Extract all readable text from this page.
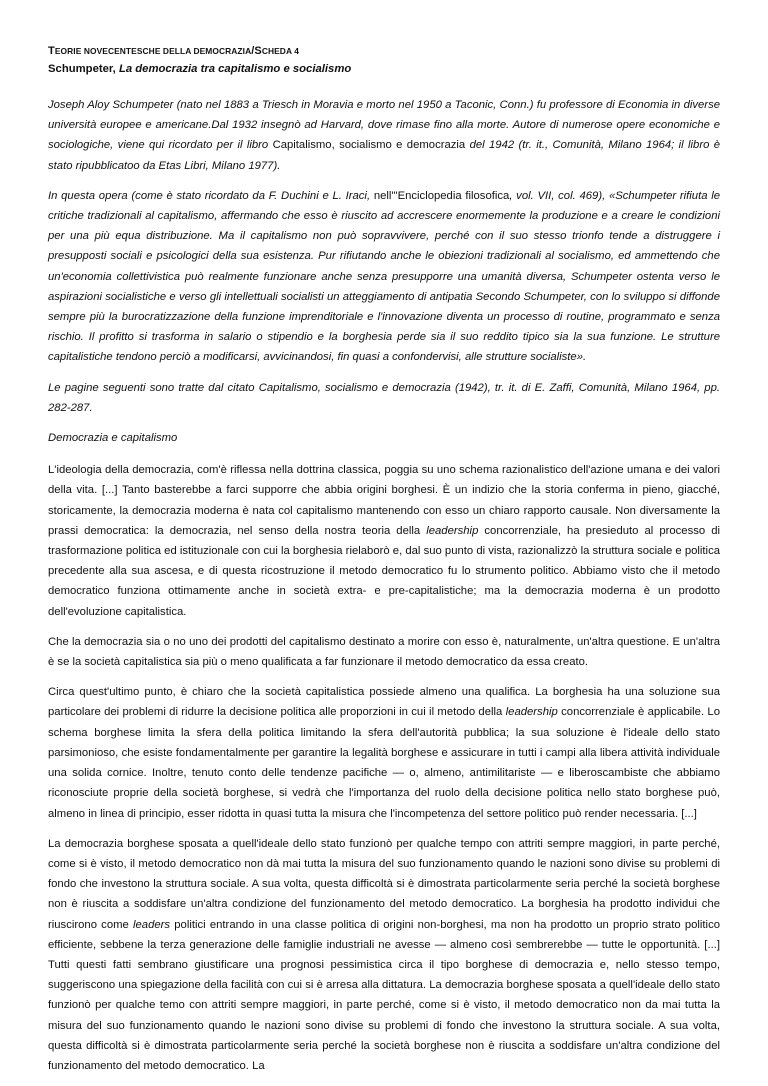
TEORIE NOVECENTESCHE DELLA DEMOCRAZIA/SCHEDA 4
Schumpeter, La democrazia tra capitalismo e socialismo

Joseph Aloy Schumpeter (nato nel 1883 a Triesch in Moravia e morto nel 1950 a Taconic, Conn.) fu professore di Economia in diverse università europee e americane.Dal 1932 insegnò ad Harvard, dove rimase fino alla morte. Autore di numerose opere economiche e sociologiche, viene qui ricordato per il libro Capitalismo, socialismo e democrazia del 1942 (tr. it., Comunità, Milano 1964; il libro è stato ripubblicatoo da Etas Libri, Milano 1977).

In questa opera (come è stato ricordato da F. Duchini e L. Iraci, nell'"Enciclopedia filosofica, vol. VII, col. 469), «Schumpeter rifiuta le critiche tradizionali al capitalismo, affermando che esso è riuscito ad accrescere enormemente la produzione e a creare le condizioni per una più equa distribuzione. Ma il capitalismo non può sopravvivere, perché con il suo stesso trionfo tende a distruggere i presupposti sociali e psicologici della sua esistenza. Pur rifiutando anche le obiezioni tradizionali al socialismo, ed ammettendo che un'economia collettivistica può realmente funzionare anche senza presupporre una umanità diversa, Schumpeter ostenta verso le aspirazioni socialistiche e verso gli intellettuali socialisti un atteggiamento di antipatia Secondo Schumpeter, con lo sviluppo si diffonde sempre più la burocratizzazione della funzione imprenditoriale e l'innovazione diventa un processo di routine, programmato e senza rischio. Il profitto si trasforma in salario o stipendio e la borghesia perde sia il suo reddito tipico sia la sua funzione. Le strutture capitalistiche tendono perciò a modificarsi, avvicinandosi, fin quasi a confondervisi, alle strutture socialiste».

Le pagine seguenti sono tratte dal citato Capitalismo, socialismo e democrazia (1942), tr. it. di E. Zaffi, Comunità, Milano 1964, pp. 282-287.

Democrazia e capitalismo

L'ideologia della democrazia, com'è riflessa nella dottrina classica, poggia su uno schema razionalistico dell'azione umana e dei valori della vita. [...] Tanto basterebbe a farci supporre che abbia origini borghesi. È un indizio che la storia conferma in pieno, giacché, storicamente, la democrazia moderna è nata col capitalismo mantenendo con esso un chiaro rapporto causale. Non diversamente la prassi democratica: la democrazia, nel senso della nostra teoria della leadership concorrenziale, ha presieduto al processo di trasformazione politica ed istituzionale con cui la borghesia rielaborò e, dal suo punto di vista, razionalizzò la struttura sociale e politica precedente alla sua ascesa, e di questa ricostruzione il metodo democratico fu lo strumento politico. Abbiamo visto che il metodo democratico funziona ottimamente anche in società extra- e pre-capitalistiche; ma la democrazia moderna è un prodotto dell'evoluzione capitalistica.

Che la democrazia sia o no uno dei prodotti del capitalismo destinato a morire con esso è, naturalmente, un'altra questione. E un'altra è se la società capitalistica sia più o meno qualificata a far funzionare il metodo democratico da essa creato.

Circa quest'ultimo punto, è chiaro che la società capitalistica possiede almeno una qualifica. La borghesia ha una soluzione sua particolare dei problemi di ridurre la decisione politica alle proporzioni in cui il metodo della leadership concorrenziale è applicabile. Lo schema borghese limita la sfera della politica limitando la sfera dell'autorità pubblica; la sua soluzione è l'ideale dello stato parsimonioso, che esiste fondamentalmente per garantire la legalità borghese e assicurare in tutti i campi alla libera attività individuale una solida cornice. Inoltre, tenuto conto delle tendenze pacifiche — o, almeno, antimilitariste — e liberoscambiste che abbiamo riconosciute proprie della società borghese, si vedrà che l'importanza del ruolo della decisione politica nello stato borghese può, almeno in linea di principio, esser ridotta in quasi tutta la misura che l'incompetenza del settore politico può render necessaria. [...]

La democrazia borghese sposata a quell'ideale dello stato funzionò per qualche tempo con attriti sempre maggiori, in parte perché, come si è visto, il metodo democratico non dà mai tutta la misura del suo funzionamento quando le nazioni sono divise su problemi di fondo che investono la struttura sociale. A sua volta, questa difficoltà si è dimostrata particolarmente seria perché la società borghese non è riuscita a soddisfare un'altra condizione del funzionamento del metodo democratico. La borghesia ha prodotto individui che riuscirono come leaders politici entrando in una classe politica di origini non-borghesi, ma non ha prodotto un proprio strato politico efficiente, sebbene la terza generazione delle famiglie industriali ne avesse — almeno così sembrerebbe — tutte le opportunità. [...] Tutti questi fatti sembrano giustificare una prognosi pessimistica circa il tipo borghese di democrazia e, nello stesso tempo, suggeriscono una spiegazione della facilità con cui si è arresa alla dittatura. La democrazia borghese sposata a quell'ideale dello stato funzionò per qualche temo con attriti sempre maggiori, in parte perché, come si è visto, il metodo democratico non da mai tutta la misura del suo funzionamento quando le nazioni sono divise su problemi di fondo che investono la struttura sociale. A sua volta, questa difficoltà si è dimostrata particolarmente seria perché la società borghese non è riuscita a soddisfare un'altra condizione del funzionamento del metodo democratico. La
